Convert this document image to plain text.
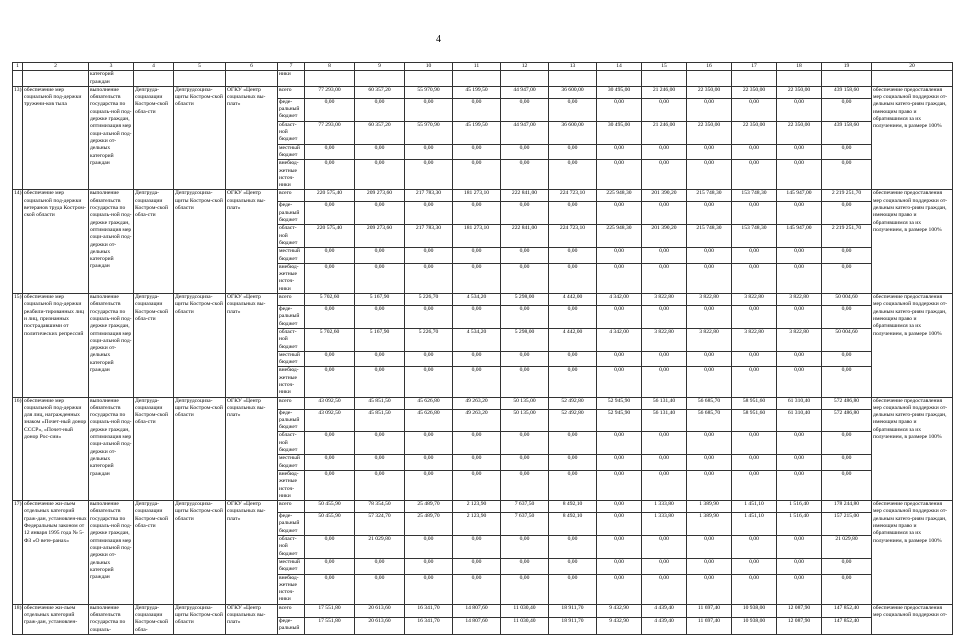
4
1	2	3	4	5	6	7	8	9	10	11	12	13	14	15	16	17	18	19	20
		категорий граждан				ники													
13)	обеспечение мер социальной под-держки тружени-ков тыла	выполнение обязательств государства по социаль-ной под-держке граждан, оптимизация мер соци-альной под-держки от-дельных категорий граждан	Депгруда-социазации Костром-ской обла-сти	Депгрудсоциза-щиты Костром-ской области	ОГКУ «Центр социальных вы-плат»	всего	77 293,00	60 357,20	55 970,90	45 199,50	44 947,00	36 600,00	30 495,00	21 246,00	22 350,00	22 350,00	22 350,00	439 158,60	обеспечение предоставления мер социальной поддержки от-дельным катего-риям граждан, имеющим право и обратившимся за их получением, в размере 100%
						феде-ральный бюджет	0,00	0,00	0,00	0,00	0,00	0,00	0,00	0,00	0,00	0,00	0,00	0,00	
						област-ной бюджет	77 293,00	60 357,20	55 970,90	45 199,50	44 947,00	36 600,00	30 495,00	21 246,00	22 350,00	22 350,00	22 350,00	439 158,60	
						местный бюджет	0,00	0,00	0,00	0,00	0,00	0,00	0,00	0,00	0,00	0,00	0,00	0,00	
						внебюд-жетные источ-ники	0,00	0,00	0,00	0,00	0,00	0,00	0,00	0,00	0,00	0,00	0,00	0,00	
14)	обеспечение мер социальной под-держки ветеранов труда Костром-ской области	выполнение обязательств государства по социаль-ной под-держке граждан, оптимизация мер соци-альной под-держки от-дельных категорий граждан	Депгруда-социазации Костром-ской обла-сти	Депгрудсоциза-щиты Костром-ской области	ОГКУ «Центр социальных вы-плат»	всего	220 575,40	209 273,60	217 783,30	181 273,10	222 841,00	224 723,10	225 948,30	201 390,20	215 748,30	153 748,30	145 947,00	2 219 251,70	обеспечение предоставления мер социальной поддержки от-дельным катего-риям граждан, имеющим право и обратившимся за их получением, в размере 100%
						феде-ральный бюджет	0,00	0,00	0,00	0,00	0,00	0,00	0,00	0,00	0,00	0,00	0,00	0,00	
						област-ной бюджет	220 575,40	209 273,60	217 783,30	181 273,10	222 841,00	224 723,10	225 948,30	201 390,20	215 748,30	153 748,30	145 947,00	2 219 251,70	
						местный бюджет	0,00	0,00	0,00	0,00	0,00	0,00	0,00	0,00	0,00	0,00	0,00	0,00	
						внебюд-жетные источ-ники	0,00	0,00	0,00	0,00	0,00	0,00	0,00	0,00	0,00	0,00	0,00	0,00	
15)	обеспечение мер социальной под-держки реабили-тированных лиц и лиц, признанных пострадавшими от политических репрессий	выполнение обязательств государства по социаль-ной под-держке граждан, оптимизация мер соци-альной под-держки от-дельных категорий граждан	Депгруда-социазации Костром-ской обла-сти	Депгрудсоциза-щиты Костром-ской области	ОГКУ «Центр социальных вы-плат»	всего	5 702,60	5 167,90	5 226,70	4 534,20	5 298,00	4 442,00	4 342,00	3 822,80	3 822,80	3 822,80	3 822,80	50 004,60	обеспечение предоставления мер социальной поддержки от-дельным катего-риям граждан, имеющим право и обратившимся за их получением, в размере 100%
						феде-ральный бюджет	0,00	0,00	0,00	0,00	0,00	0,00	0,00	0,00	0,00	0,00	0,00	0,00	
						област-ной бюджет	5 702,60	5 167,90	5 226,70	4 534,20	5 298,00	4 442,00	4 342,00	3 822,80	3 822,80	3 822,80	3 822,80	50 004,60	
						местный бюджет	0,00	0,00	0,00	0,00	0,00	0,00	0,00	0,00	0,00	0,00	0,00	0,00	
						внебюд-жетные источ-ники	0,00	0,00	0,00	0,00	0,00	0,00	0,00	0,00	0,00	0,00	0,00	0,00	
16)	обеспечение мер социальной под-держки для лиц, награжденных знаком «Почет-ный донор СССР», «Почет-ный донор Рос-сии»	выполнение обязательств государства по социаль-ной под-держке граждан, оптимизация мер соци-альной под-держки от-дельных категорий граждан	Депгруда-социазации Костром-ской обла-сти	Депгрудсоциза-щиты Костром-ской области	ОГКУ «Центр социальных вы-плат»	всего	43 092,50	45 851,50	45 626,80	49 263,20	50 135,00	52 492,80	52 945,90	56 131,40	56 685,70	58 951,60	61 310,40	572 486,80	обеспечение предоставления мер социальной поддержки от-дельным катего-риям граждан, имеющим право и обратившимся за их получением, в размере 100%
						феде-ральный бюджет	43 092,50	45 851,50	45 626,80	49 263,20	50 135,00	52 492,80	52 945,90	56 131,40	56 685,70	58 951,60	61 310,40	572 486,80	
						област-ной бюджет	0,00	0,00	0,00	0,00	0,00	0,00	0,00	0,00	0,00	0,00	0,00	0,00	
						местный бюджет	0,00	0,00	0,00	0,00	0,00	0,00	0,00	0,00	0,00	0,00	0,00	0,00	
						внебюд-жетные источ-ники	0,00	0,00	0,00	0,00	0,00	0,00	0,00	0,00	0,00	0,00	0,00	0,00	
17)	обеспечение жи-льем отдельных категорий граж-дан, установлен-ных Федеральным законом от 12 января 1995 года № 5-ФЗ «О вете-ранах»	выполнение обязательств государства по социаль-ной под-держке граждан, оптимизация мер соци-альной под-держки от-дельных категорий граждан	Депгруда-социазации Костром-ской обла-сти	Депгрудсоциза-щиты Костром-ской области	ОГКУ «Центр социальных вы-плат»	всего	50 455,90	78 354,50	25 489,70	2 123,90	7 637,50	8 492,10	0,00	1 333,80	1 389,90	1 451,10	1 516,40	178 244,80	обеспечение предоставления мер социальной поддержки от-дельным катего-риям граждан, имеющим право и обратившимся за их получением, в размере 100%
						феде-ральный бюджет	50 455,90	57 324,70	25 489,70	2 123,90	7 637,50	8 492,10	0,00	1 333,80	1 389,90	1 451,10	1 516,40	157 215,00	
						област-ной бюджет	0,00	21 029,80	0,00	0,00	0,00	0,00	0,00	0,00	0,00	0,00	0,00	21 029,80	
						местный бюджет	0,00	0,00	0,00	0,00	0,00	0,00	0,00	0,00	0,00	0,00	0,00	0,00	
						внебюд-жетные источ-ники	0,00	0,00	0,00	0,00	0,00	0,00	0,00	0,00	0,00	0,00	0,00	0,00	
18)	обеспечение жи-льем отдельных категорий граж-дан, установлен-	выполнение обязательств государства по социаль-	Депгруда-социазации Костром-ской обла-	Депгрудсоциза-щиты Костром-ской области	ОГКУ «Центр социальных вы-плат»	всего	17 551,80	20 613,60	16 341,70	14 807,60	11 030,40	18 911,70	9 432,90	4 439,40	11 697,40	10 938,00	12 087,90	147 852,40	обеспечение предоставления мер социальной поддержки от-
						феде-ральный	17 551,80	20 613,60	16 341,70	14 807,60	11 030,40	18 911,70	9 432,90	4 439,40	11 697,40	10 938,00	12 087,90	147 852,40	
